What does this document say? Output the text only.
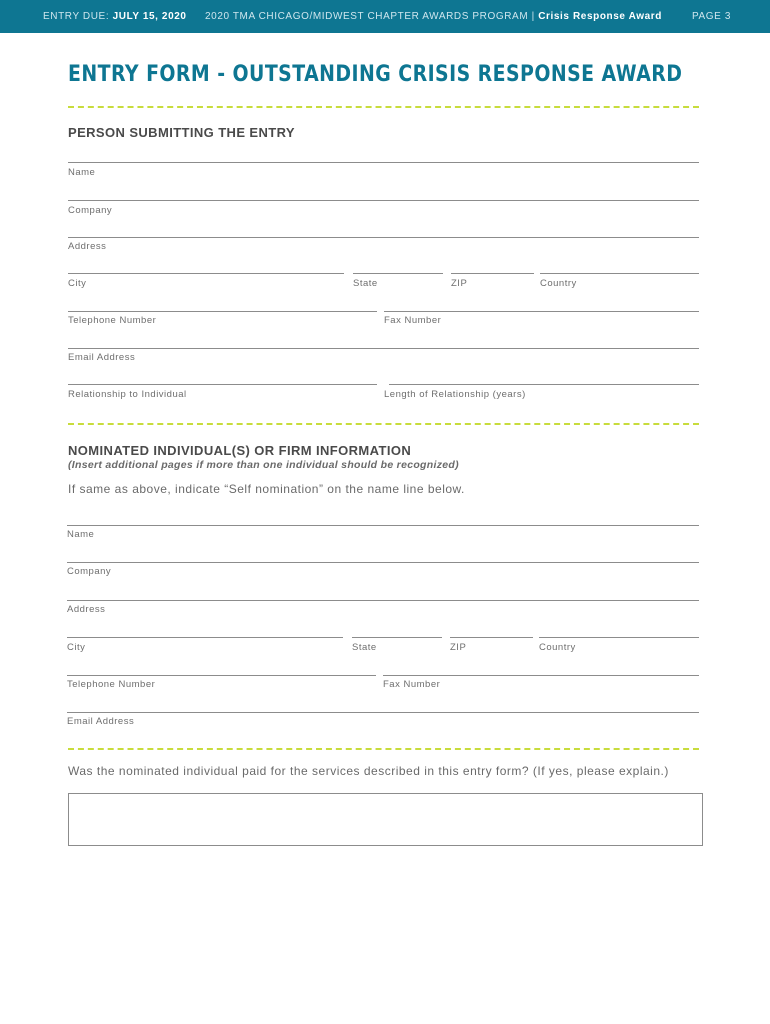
ENTRY DUE: JULY 15, 2020 2020 TMA CHICAGO/MIDWEST CHAPTER AWARDS PROGRAM | Crisis Response Award	PAGE 3
ENTRY FORM - OUTSTANDING CRISIS RESPONSE AWARD
PERSON SUBMITTING THE ENTRY
Name
Company
Address
City	State	ZIP	Country
Telephone Number	Fax Number
Email Address
Relationship to Individual	Length of Relationship (years)
NOMINATED INDIVIDUAL(S) OR FIRM INFORMATION
(Insert additional pages if more than one individual should be recognized)
If same as above, indicate “Self nomination” on the name line below.
Name
Company
Address
City	State	ZIP	Country
Telephone Number	Fax Number
Email Address
Was the nominated individual paid for the services described in this entry form? (If yes, please explain.)
